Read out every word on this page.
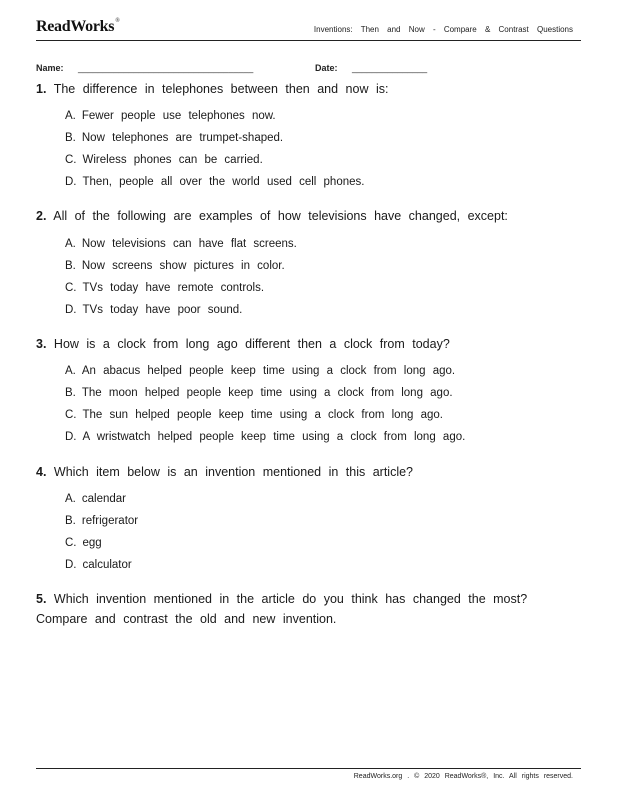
ReadWorks®
Inventions: Then and Now - Compare & Contrast Questions
Name: ___________________________________	Date: _______________
1. The difference in telephones between then and now is:
A. Fewer people use telephones now.
B. Now telephones are trumpet-shaped.
C. Wireless phones can be carried.
D. Then, people all over the world used cell phones.
2. All of the following are examples of how televisions have changed, except:
A. Now televisions can have flat screens.
B. Now screens show pictures in color.
C. TVs today have remote controls.
D. TVs today have poor sound.
3. How is a clock from long ago different then a clock from today?
A. An abacus helped people keep time using a clock from long ago.
B. The moon helped people keep time using a clock from long ago.
C. The sun helped people keep time using a clock from long ago.
D. A wristwatch helped people keep time using a clock from long ago.
4. Which item below is an invention mentioned in this article?
A. calendar
B. refrigerator
C. egg
D. calculator
5. Which invention mentioned in the article do you think has changed the most?
Compare and contrast the old and new invention.
ReadWorks.org . © 2020 ReadWorks®, Inc. All rights reserved.
